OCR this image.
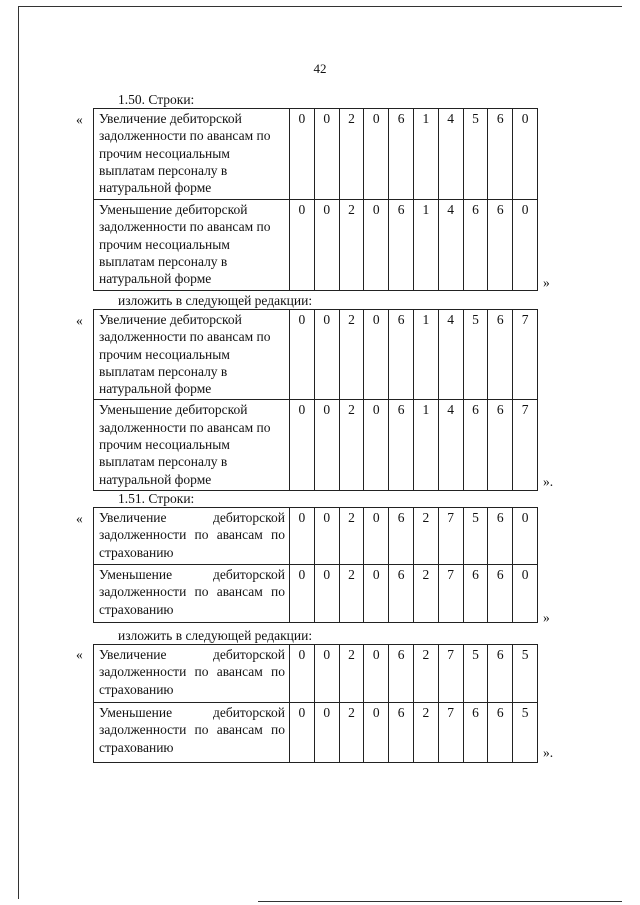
42
1.50. Строки:
« Увеличение дебиторской задолженности по авансам по прочим несоциальным выплатам персоналу в натуральной форме	0	0	2	0	6	1	4	5	6	0
Уменьшение дебиторской задолженности по авансам по прочим несоциальным выплатам персоналу в натуральной форме	0	0	2	0	6	1	4	6	6	0
»
изложить в следующей редакции:
« Увеличение дебиторской задолженности по авансам по прочим несоциальным выплатам персоналу в натуральной форме	0	0	2	0	6	1	4	5	6	7
Уменьшение дебиторской задолженности по авансам по прочим несоциальным выплатам персоналу в натуральной форме	0	0	2	0	6	1	4	6	6	7
».
1.51. Строки:
« Увеличение дебиторской задолженности по авансам по страхованию	0	0	2	0	6	2	7	5	6	0
Уменьшение дебиторской задолженности по авансам по страхованию	0	0	2	0	6	2	7	6	6	0
»
изложить в следующей редакции:
« Увеличение дебиторской задолженности по авансам по страхованию	0	0	2	0	6	2	7	5	6	5
Уменьшение дебиторской задолженности по авансам по страхованию	0	0	2	0	6	2	7	6	6	5
».
